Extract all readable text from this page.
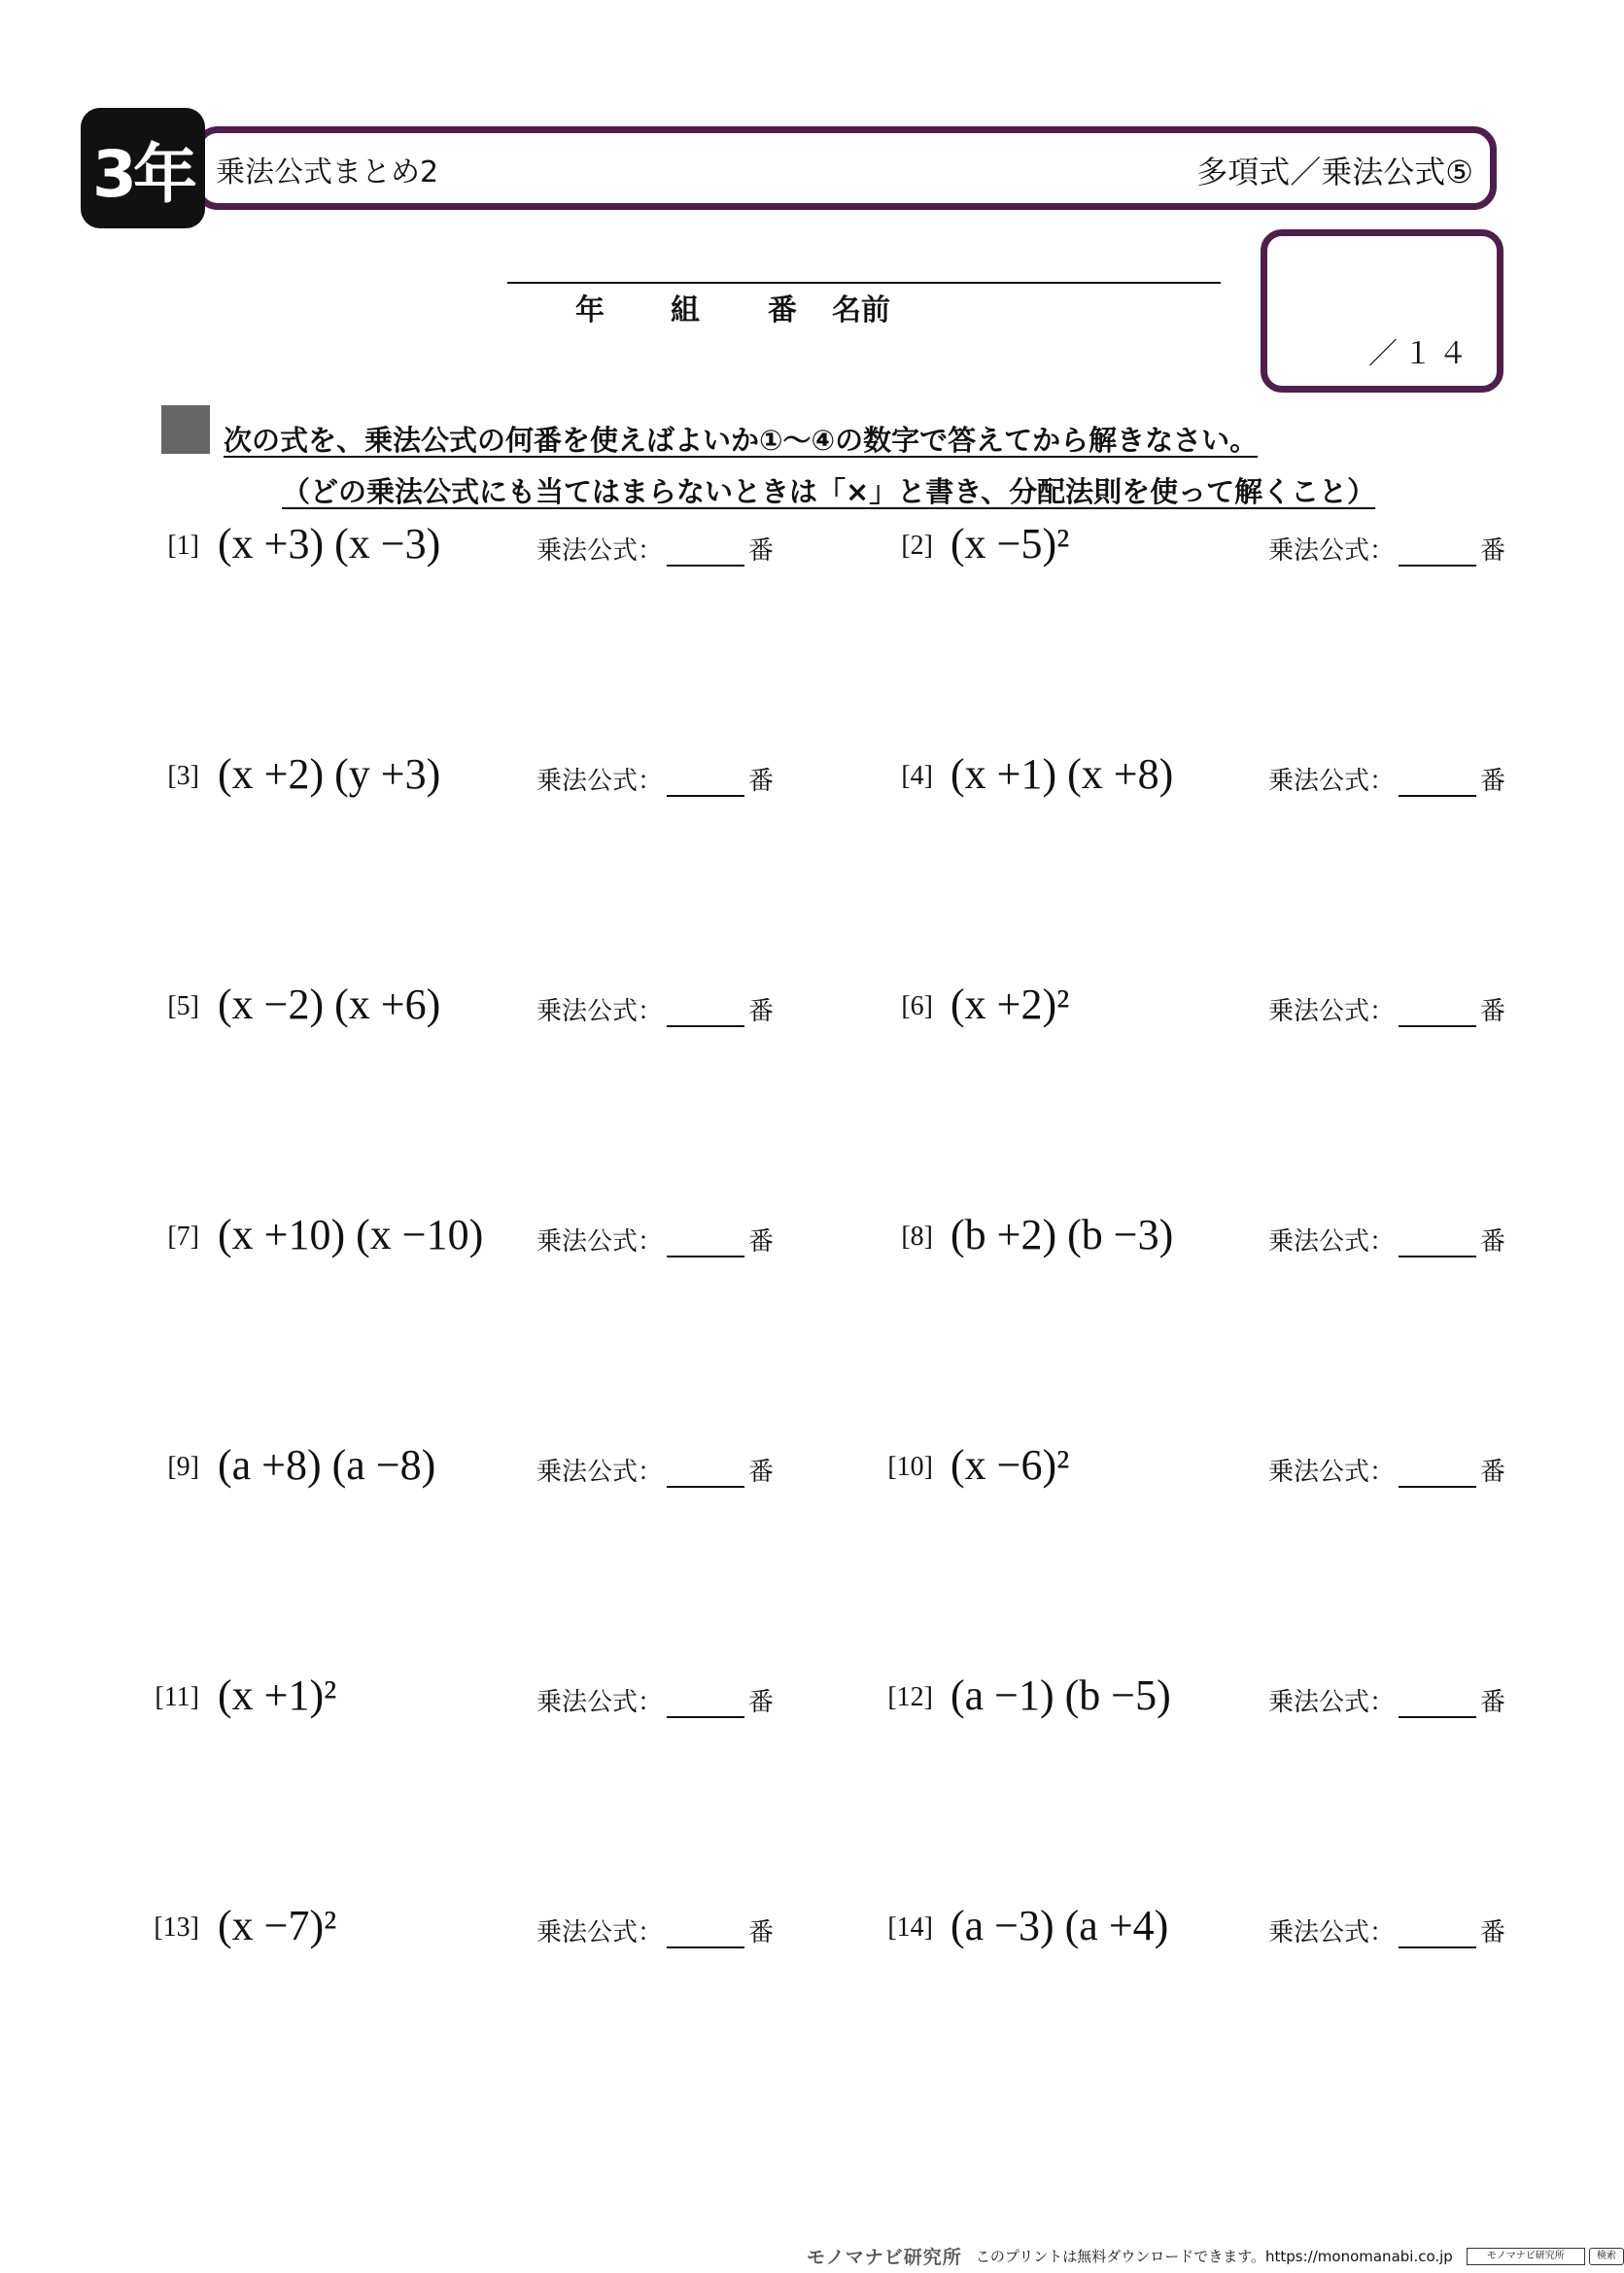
3年 乗法公式まとめ2	多項式／乗法公式⑤
年 組 番 名前
／１４
次の式を、乗法公式の何番を使えばよいか①～④の数字で答えてから解きなさい。
（どの乗法公式にも当てはまらないときは「×」と書き、分配法則を使って解くこと）
[1] (x +3) (x −3)	乗法公式：	番	[2] (x −5)²	乗法公式：	番
[3] (x +2) (y +3)	乗法公式：	番	[4] (x +1) (x +8)	乗法公式：	番
[5] (x −2) (x +6)	乗法公式：	番	[6] (x +2)²	乗法公式：	番
[7] (x +10) (x −10) 乗法公式：	番	[8] (b +2) (b −3)	乗法公式：	番
[9] (a +8) (a −8)	乗法公式：	番	[10] (x −6)²	乗法公式：	番
[11] (x +1)²	乗法公式：	番	[12] (a −1) (b −5)	乗法公式：	番
[13] (x −7)²	乗法公式：	番	[14] (a −3) (a +4)	乗法公式：	番
モノマナビ研究所 このプリントは無料ダウンロードできます。https://monomanabi.co.jp	モノマナビ研究所	検索
